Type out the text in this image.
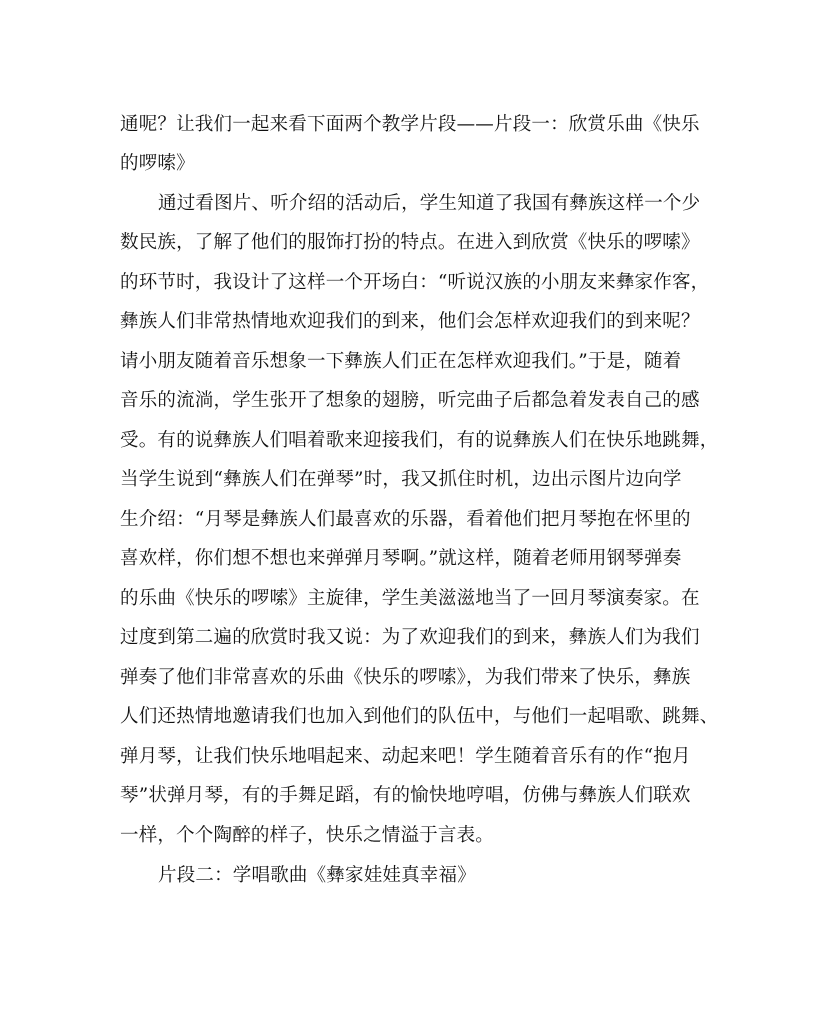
通呢？让我们一起来看下面两个教学片段——片段一：欣赏乐曲《快乐
的啰嗦》
通过看图片、听介绍的活动后，学生知道了我国有彝族这样一个少
数民族，了解了他们的服饰打扮的特点。在进入到欣赏《快乐的啰嗦》
的环节时，我设计了这样一个开场白：“听说汉族的小朋友来彝家作客，
彝族人们非常热情地欢迎我们的到来，他们会怎样欢迎我们的到来呢？
请小朋友随着音乐想象一下彝族人们正在怎样欢迎我们。”于是，随着
音乐的流淌，学生张开了想象的翅膀，听完曲子后都急着发表自己的感
受。有的说彝族人们唱着歌来迎接我们，有的说彝族人们在快乐地跳舞，
当学生说到“彝族人们在弹琴”时，我又抓住时机，边出示图片边向学
生介绍：“月琴是彝族人们最喜欢的乐器，看着他们把月琴抱在怀里的
喜欢样，你们想不想也来弹弹月琴啊。”就这样，随着老师用钢琴弹奏
的乐曲《快乐的啰嗦》主旋律，学生美滋滋地当了一回月琴演奏家。在
过度到第二遍的欣赏时我又说：为了欢迎我们的到来，彝族人们为我们
弹奏了他们非常喜欢的乐曲《快乐的啰嗦》，为我们带来了快乐，彝族
人们还热情地邀请我们也加入到他们的队伍中，与他们一起唱歌、跳舞、
弹月琴，让我们快乐地唱起来、动起来吧！学生随着音乐有的作“抱月
琴”状弹月琴，有的手舞足蹈，有的愉快地哼唱，仿佛与彝族人们联欢
一样，个个陶醉的样子，快乐之情溢于言表。
片段二：学唱歌曲《彝家娃娃真幸福》
